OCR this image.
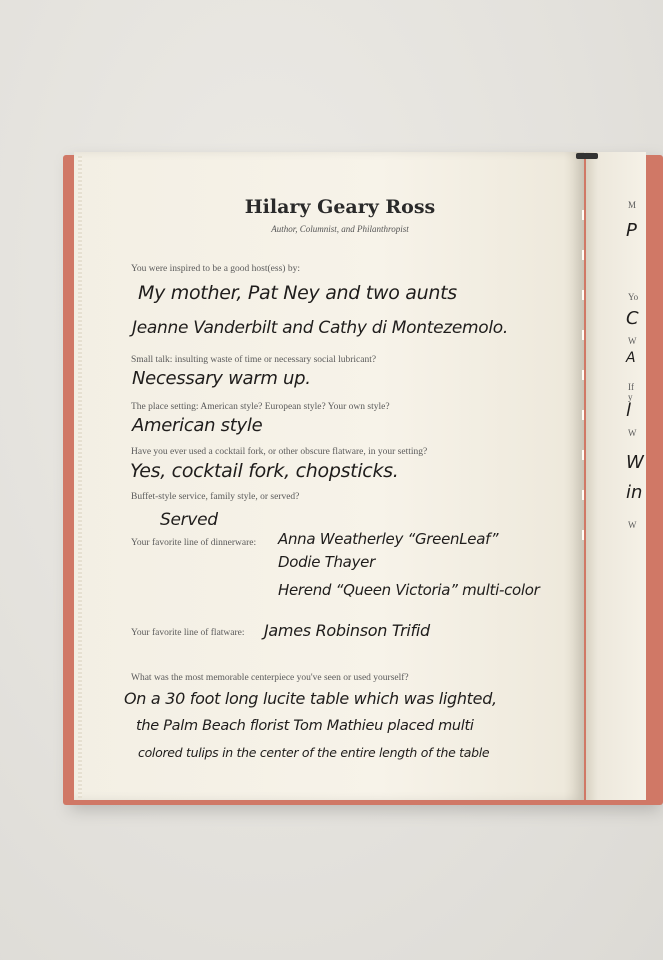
Hilary Geary Ross
Author, Columnist, and Philanthropist
You were inspired to be a good host(ess) by:
My mother, Pat Ney and two aunts
Jeanne Vanderbilt and Cathy di Montezemolo.
Small talk: insulting waste of time or necessary social lubricant?
Necessary warm up.
The place setting: American style? European style? Your own style?
American style
Have you ever used a cocktail fork, or other obscure flatware, in your setting?
Yes, cocktail fork, chopsticks.
Buffet-style service, family style, or served?
Served
Your favorite line of dinnerware: Anna Weatherley “GreenLeaf”
Dodie Thayer
Herend “Queen Victoria” multi-color
Your favorite line of flatware: James Robinson Trifid
What was the most memorable centerpiece you've seen or used yourself?
On a 30 foot long lucite table which was lighted,
the Palm Beach florist Tom Mathieu placed multi
colored tulips in the center of the entire length of the table
M
P
Yo
C
W
A
If y
l
W
W
in
W
